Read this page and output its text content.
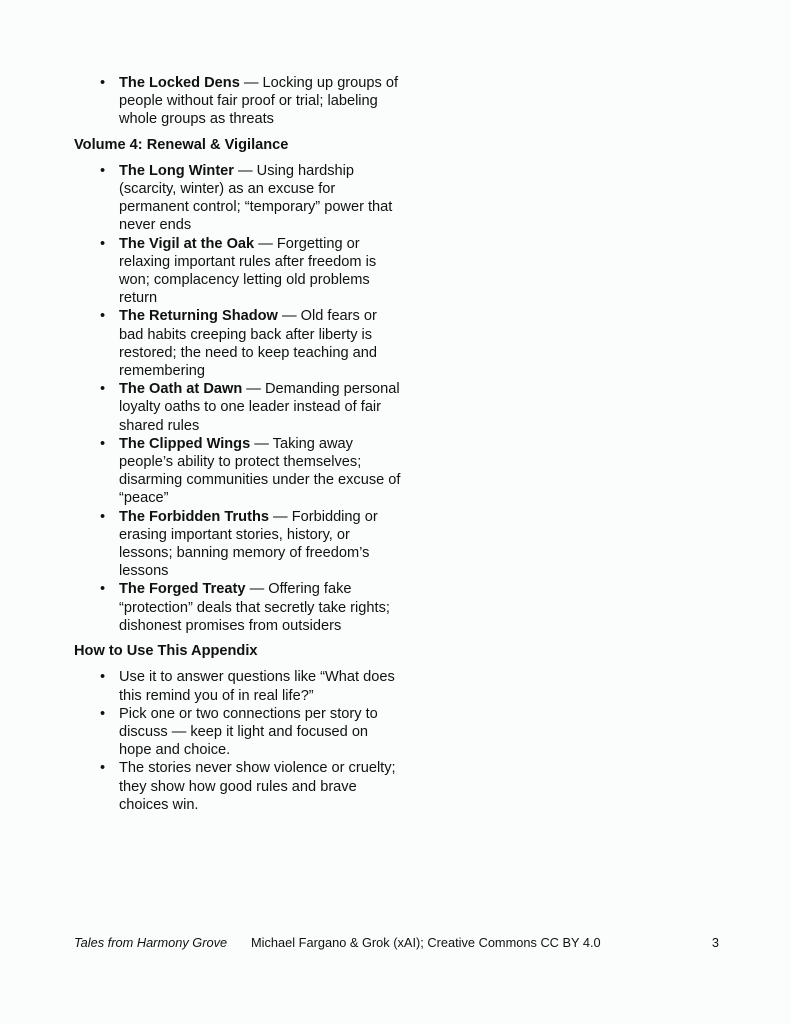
• The Locked Dens — Locking up groups of people without fair proof or trial; labeling whole groups as threats
Volume 4: Renewal & Vigilance
• The Long Winter — Using hardship (scarcity, winter) as an excuse for permanent control; “temporary” power that never ends
• The Vigil at the Oak — Forgetting or relaxing important rules after freedom is won; complacency letting old problems return
• The Returning Shadow — Old fears or bad habits creeping back after liberty is restored; the need to keep teaching and remembering
• The Oath at Dawn — Demanding personal loyalty oaths to one leader instead of fair shared rules
• The Clipped Wings — Taking away people’s ability to protect themselves; disarming communities under the excuse of “peace”
• The Forbidden Truths — Forbidding or erasing important stories, history, or lessons; banning memory of freedom’s lessons
• The Forged Treaty — Offering fake “protection” deals that secretly take rights; dishonest promises from outsiders
How to Use This Appendix
• Use it to answer questions like “What does this remind you of in real life?”
• Pick one or two connections per story to discuss — keep it light and focused on hope and choice.
• The stories never show violence or cruelty; they show how good rules and brave choices win.
Tales from Harmony Grove Michael Fargano & Grok (xAI); Creative Commons CC BY 4.0	3
